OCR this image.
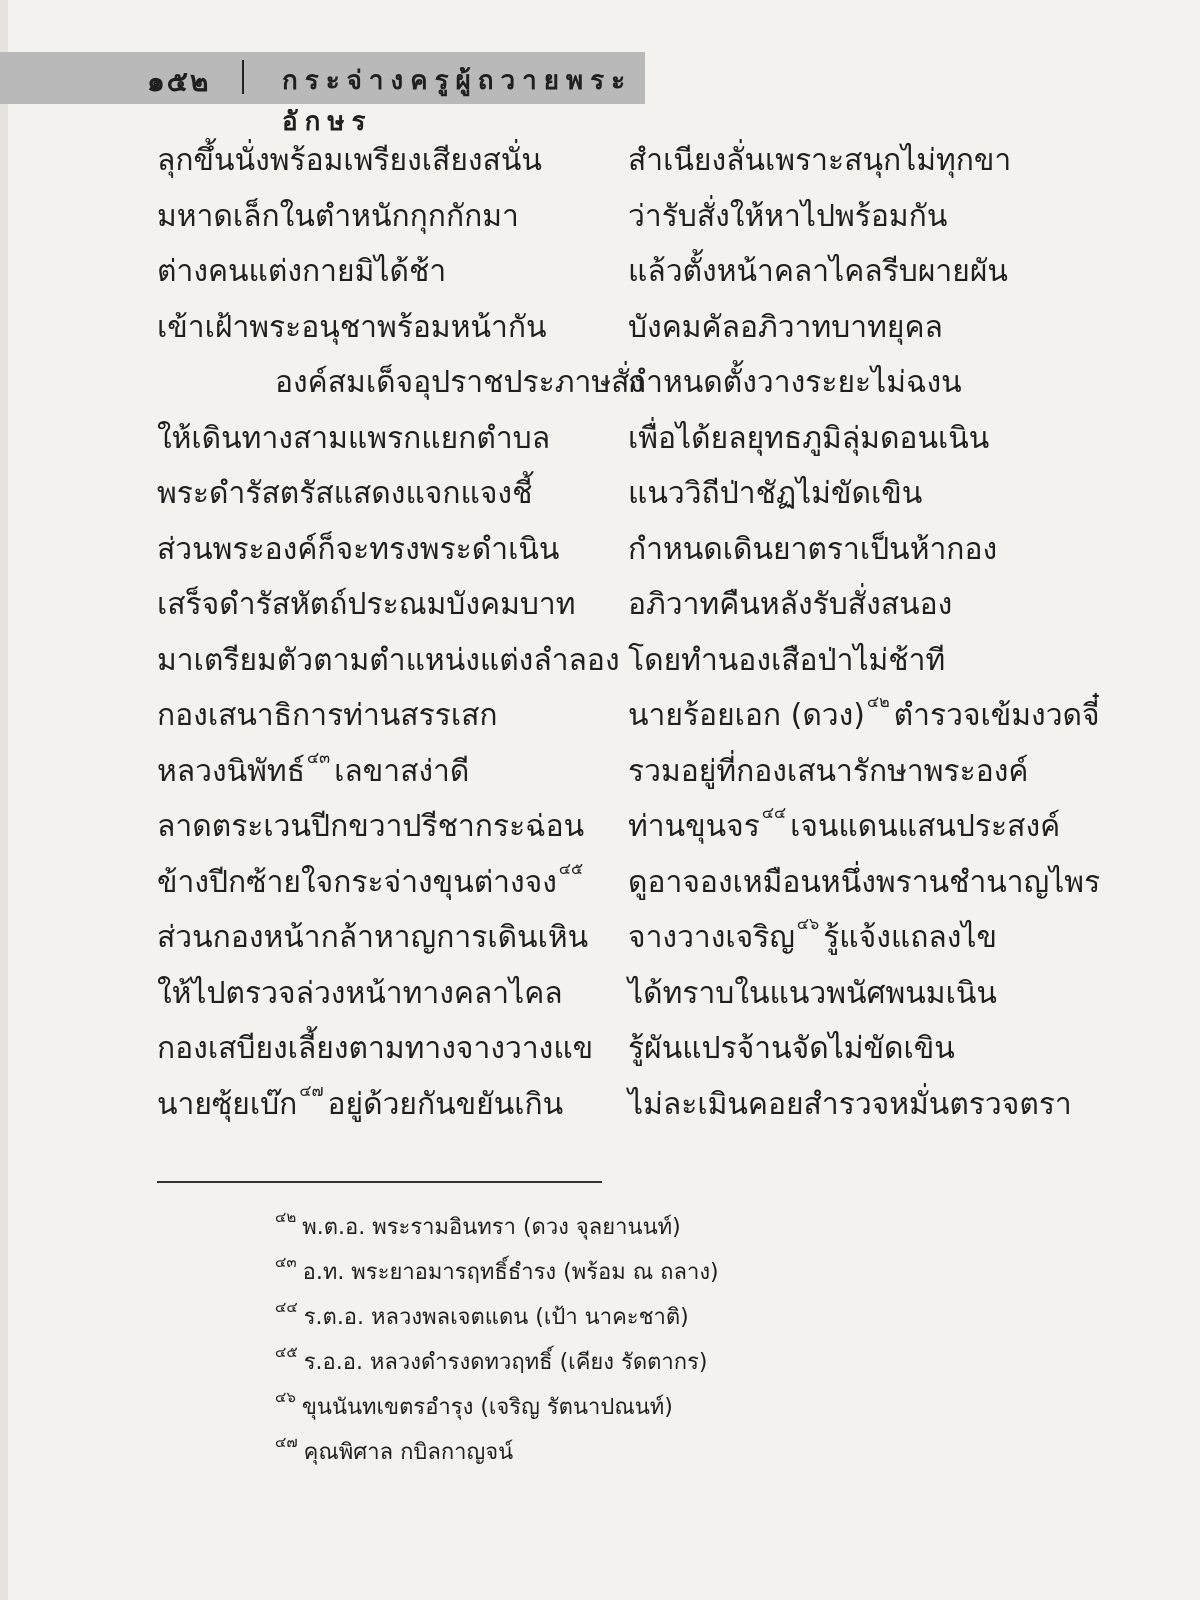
๑๕๒	กระจ่างครูผู้ถวายพระอักษร
ลุกขึ้นนั่งพร้อมเพรียงเสียงสนั่น
มหาดเล็กในตำหนักกุกกักมา
ต่างคนแต่งกายมิได้ช้า
เข้าเฝ้าพระอนุชาพร้อมหน้ากัน
องค์สมเด็จอุปราชประภาษสั่ง
ให้เดินทางสามแพรกแยกตำบล
พระดำรัสตรัสแสดงแจกแจงชี้
ส่วนพระองค์ก็จะทรงพระดำเนิน
เสร็จดำรัสหัตถ์ประณมบังคมบาท
มาเตรียมตัวตามตำแหน่งแต่งลำลอง
กองเสนาธิการท่านสรรเสก
หลวงนิพัทธ์ ๔๓ เลขาสง่าดี
ลาดตระเวนปีกขวาปรีชากระฉ่อน
ข้างปีกซ้ายใจกระจ่างขุนต่างจง ๔๕
ส่วนกองหน้ากล้าหาญการเดินเหิน
ให้ไปตรวจล่วงหน้าทางคลาไคล
กองเสบียงเลี้ยงตามทางจางวางแข
นายซุ้ยเบ๊ก ๔๗ อยู่ด้วยกันขยันเกิน
สำเนียงลั่นเพราะสนุกไม่ทุกขา
ว่ารับสั่งให้หาไปพร้อมกัน
แล้วตั้งหน้าคลาไคลรีบผายผัน
บังคมคัลอภิวาทบาทยุคล
กำหนดตั้งวางระยะไม่ฉงน
เพื่อได้ยลยุทธภูมิลุ่มดอนเนิน
แนววิถีป่าชัฏไม่ขัดเขิน
กำหนดเดินยาตราเป็นห้ากอง
อภิวาทคืนหลังรับสั่งสนอง
โดยทำนองเสือป่าไม่ช้าที
นายร้อยเอก (ดวง) ๔๒ ตำรวจเข้มงวดจี๋
รวมอยู่ที่กองเสนารักษาพระองค์
ท่านขุนจร ๔๔ เจนแดนแสนประสงค์
ดูอาจองเหมือนหนึ่งพรานชำนาญไพร
จางวางเจริญ ๔๖ รู้แจ้งแถลงไข
ได้ทราบในแนวพนัศพนมเนิน
รู้ผันแปรจ้านจัดไม่ขัดเขิน
ไม่ละเมินคอยสำรวจหมั่นตรวจตรา
๔๒ พ.ต.อ. พระรามอินทรา (ดวง จุลยานนท์)
๔๓ อ.ท. พระยาอมารฤทธิ์ธำรง (พร้อม ณ ถลาง)
๔๔ ร.ต.อ. หลวงพลเจตแดน (เป้า นาคะชาติ)
๔๕ ร.อ.อ. หลวงดำรงดทวฤทธิ์ (เคียง รัดตากร)
๔๖ ขุนนันทเขตรอำรุง (เจริญ รัตนาปณนท์)
๔๗ คุณพิศาล กบิลกาญจน์
